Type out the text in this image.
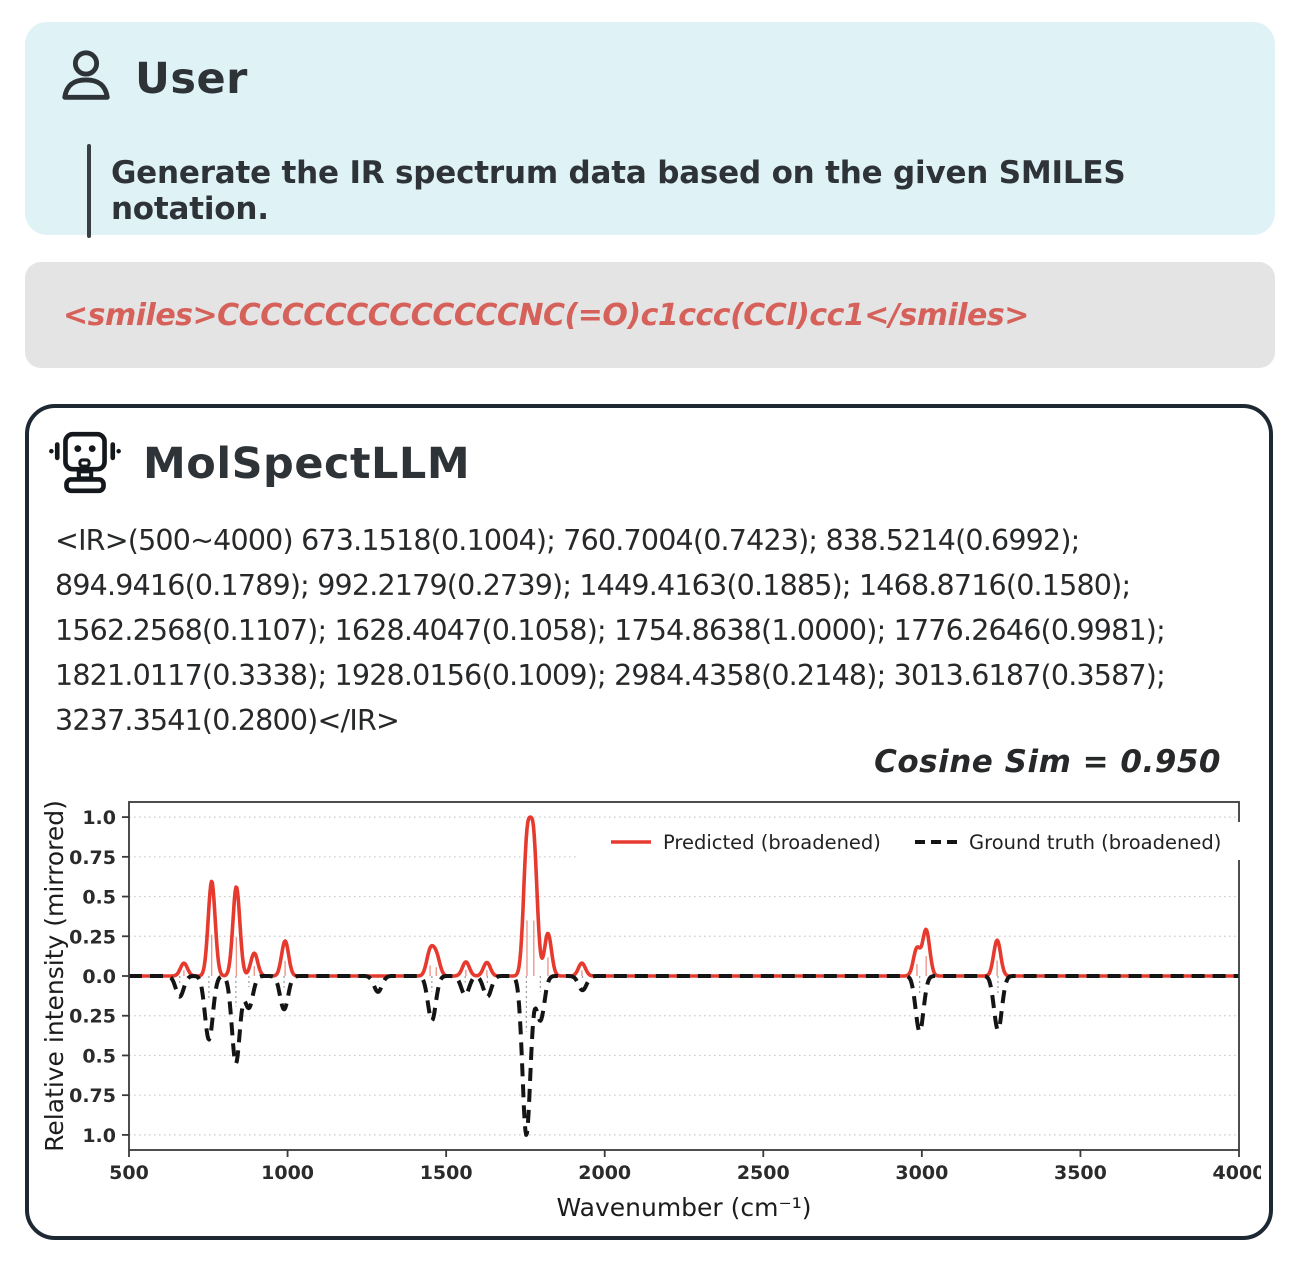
User
Generate the IR spectrum data based on the given SMILES notation.
<smiles>CCCCCCCCCCCCCCNC(=O)c1ccc(CCl)cc1</smiles>
MolSpectLLM
<IR>(500~4000) 673.1518(0.1004); 760.7004(0.7423); 838.5214(0.6992); 894.9416(0.1789); 992.2179(0.2739); 1449.4163(0.1885); 1468.8716(0.1580); 1562.2568(0.1107); 1628.4047(0.1058); 1754.8638(1.0000); 1776.2646(0.9981); 1821.0117(0.3338); 1928.0156(0.1009); 2984.4358(0.2148); 3013.6187(0.3587); 3237.3541(0.2800)</IR>
Cosine Sim = 0.950
1.0
0.75
0.5
0.25
0.0
0.25
0.5
0.75
1.0
500	1000	1500	2000	2500	3000	3500	4000
Relative intensity (mirrored)
Wavenumber (cm⁻¹)
Predicted (broadened)	Ground truth (broadened)
